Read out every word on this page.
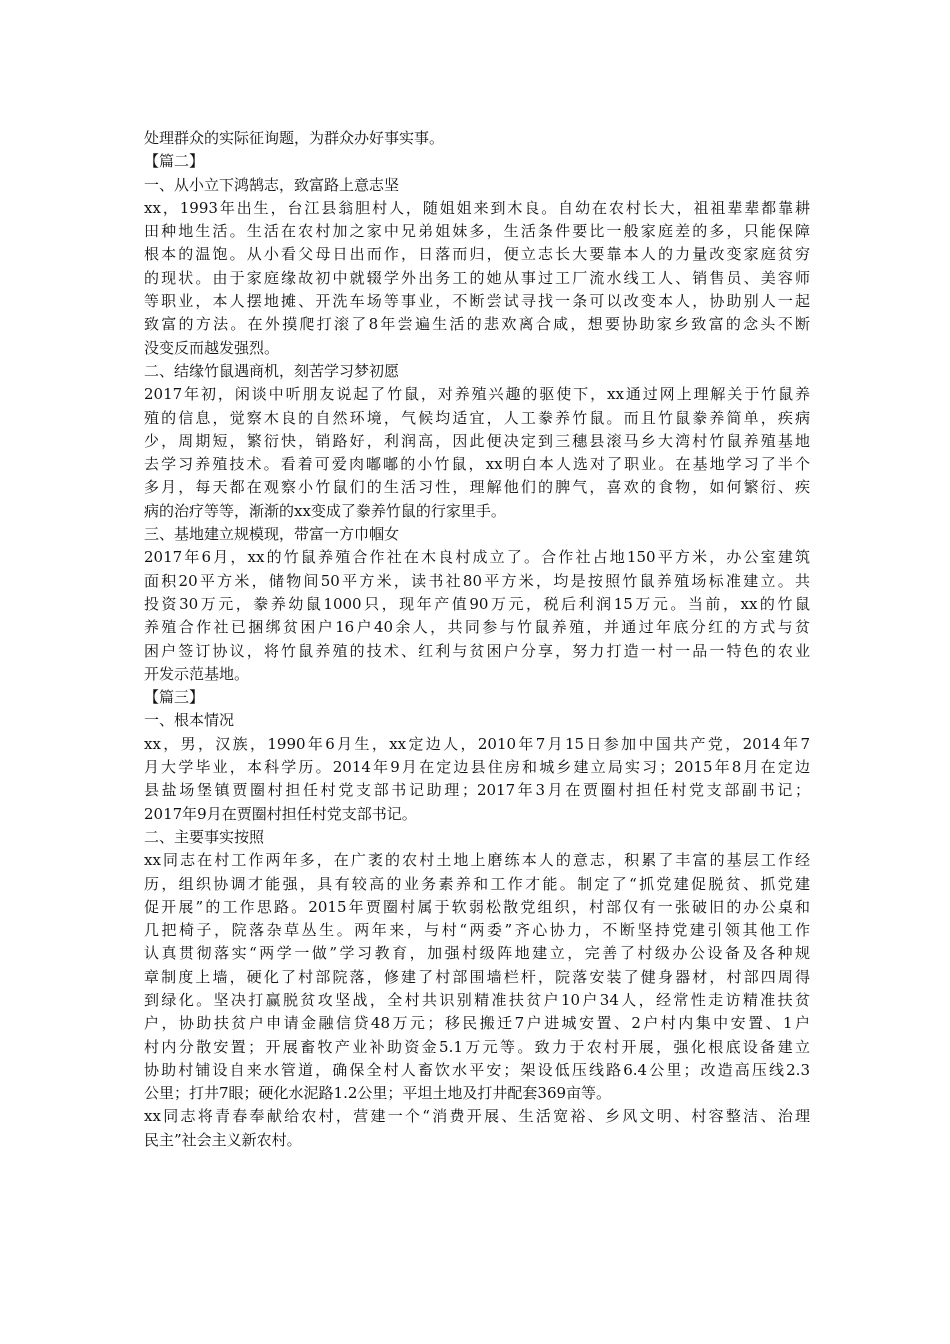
处理群众的实际征询题，为群众办好事实事。
【篇二】
一、从小立下鸿鹄志，致富路上意志坚
xx，1993年出生，台江县翁胆村人，随姐姐来到木良。自幼在农村长大，祖祖辈辈都靠耕
田种地生活。生活在农村加之家中兄弟姐妹多，生活条件要比一般家庭差的多，只能保障
根本的温饱。从小看父母日出而作，日落而归，便立志长大要靠本人的力量改变家庭贫穷
的现状。由于家庭缘故初中就辍学外出务工的她从事过工厂流水线工人、销售员、美容师
等职业，本人摆地摊、开洗车场等事业，不断尝试寻找一条可以改变本人，协助别人一起
致富的方法。在外摸爬打滚了8年尝遍生活的悲欢离合咸，想要协助家乡致富的念头不断
没变反而越发强烈。
二、结缘竹鼠遇商机，刻苦学习梦初愿
2017年初，闲谈中听朋友说起了竹鼠，对养殖兴趣的驱使下，xx通过网上理解关于竹鼠养
殖的信息，觉察木良的自然环境，气候均适宜，人工豢养竹鼠。而且竹鼠豢养简单，疾病
少，周期短，繁衍快，销路好，利润高，因此便决定到三穗县滚马乡大湾村竹鼠养殖基地
去学习养殖技术。看着可爱肉嘟嘟的小竹鼠，xx明白本人选对了职业。在基地学习了半个
多月，每天都在观察小竹鼠们的生活习性，理解他们的脾气，喜欢的食物，如何繁衍、疾
病的治疗等等，渐渐的xx变成了豢养竹鼠的行家里手。
三、基地建立规模现，带富一方巾帼女
2017年6月，xx的竹鼠养殖合作社在木良村成立了。合作社占地150平方米，办公室建筑
面积20平方米，储物间50平方米，读书社80平方米，均是按照竹鼠养殖场标准建立。共
投资30万元，豢养幼鼠1000只，现年产值90万元，税后利润15万元。当前，xx的竹鼠
养殖合作社已捆绑贫困户16户40余人，共同参与竹鼠养殖，并通过年底分红的方式与贫
困户签订协议，将竹鼠养殖的技术、红利与贫困户分享，努力打造一村一品一特色的农业
开发示范基地。
【篇三】
一、根本情况
xx，男，汉族，1990年6月生，xx定边人，2010年7月15日参加中国共产党，2014年7
月大学毕业，本科学历。2014年9月在定边县住房和城乡建立局实习；2015年8月在定边
县盐场堡镇贾圈村担任村党支部书记助理；2017年3月在贾圈村担任村党支部副书记；
2017年9月在贾圈村担任村党支部书记。
二、主要事实按照
xx同志在村工作两年多，在广袤的农村土地上磨练本人的意志，积累了丰富的基层工作经
历，组织协调才能强，具有较高的业务素养和工作才能。制定了“抓党建促脱贫、抓党建
促开展”的工作思路。2015年贾圈村属于软弱松散党组织，村部仅有一张破旧的办公桌和
几把椅子，院落杂草丛生。两年来，与村“两委”齐心协力，不断坚持党建引领其他工作
认真贯彻落实“两学一做”学习教育，加强村级阵地建立，完善了村级办公设备及各种规
章制度上墙，硬化了村部院落，修建了村部围墙栏杆，院落安装了健身器材，村部四周得
到绿化。坚决打赢脱贫攻坚战，全村共识别精准扶贫户10户34人，经常性走访精准扶贫
户，协助扶贫户申请金融信贷48万元；移民搬迁7户进城安置、2户村内集中安置、1户
村内分散安置；开展畜牧产业补助资金5.1万元等。致力于农村开展，强化根底设备建立
协助村铺设自来水管道，确保全村人畜饮水平安；架设低压线路6.4公里；改造高压线2.3
公里；打井7眼；硬化水泥路1.2公里；平坦土地及打井配套369亩等。
xx同志将青春奉献给农村，营建一个“消费开展、生活宽裕、乡风文明、村容整洁、治理
民主”社会主义新农村。
